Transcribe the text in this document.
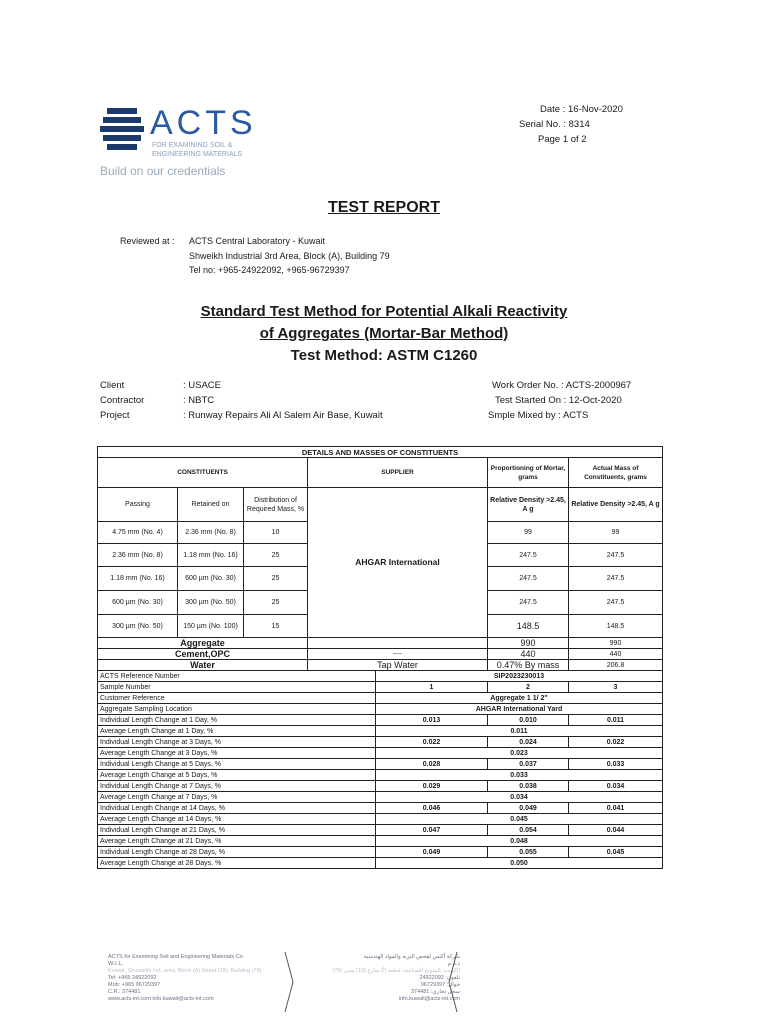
ACTS
FOR EXAMINING SOIL & ENGINEERING MATERIALS
Build on our credentials
Date : 16-Nov-2020
Serial No. : 8314
Page 1 of 2
TEST REPORT
Reviewed at : ACTS Central Laboratory - Kuwait
Shweikh Industrial 3rd Area, Block (A), Building 79
Tel no: +965-24922092, +965-96729397
Standard Test Method for Potential Alkali Reactivity
of Aggregates (Mortar-Bar Method)
Test Method: ASTM C1260
Client	: USACE
Contractor	: NBTC
Project	: Runway Repairs Ali Al Salem Air Base, Kuwait
Work Order No. : ACTS-2000967
Test Started On : 12-Oct-2020
Smple Mixed by : ACTS
DETAILS AND MASSES OF CONSTITUENTS						
CONSTITUENTS			SUPPLIER		Proportioning of Mortar, grams	Actual Mass of Constituents, grams
Passing	Retained on	Distribution of Required Mass, %	AHGAR International		Relative Density >2.45, A g	Relative Density >2.45, A g
4.75 mm (No. 4)	2.36 mm (No. 8)	10			99	99
2.36 mm (No. 8)	1.18 mm (No. 16)	25			247.5	247.5
1.18 mm (No. 16)	600 µm (No. 30)	25			247.5	247.5
600 µm (No. 30)	300 µm (No. 50)	25			247.5	247.5
300 µm (No. 50)	150 µm (No. 100)	15			148.5	148.5
Aggregate					990	990
Cement,OPC			----		440	440
Water			Tap Water		0.47% By mass	206.8
ACTS Reference Number				SIP2023230013		
Sample Number				1	2	3
Customer Reference				Aggregate 1 1/ 2"		
Aggregate Sampling Location				AHGAR International Yard		
Individual Length Change at 1 Day, %				0.013	0.010	0.011
Average Length Change at 1 Day, %				0.011		
Individual Length Change at 3 Days, %				0.022	0.024	0.022
Average Length Change at 3 Days, %				0.023		
Individual Length Change at 5 Days, %				0.028	0.037	0.033
Average Length Change at 5 Days, %				0.033		
Individual Length Change at 7 Days, %				0.029	0.038	0.034
Average Length Change at 7 Days, %				0.034		
Individual Length Change at 14 Days, %				0.046	0.049	0.041
Average Length Change at 14 Days, %				0.045		
Individual Length Change at 21 Days, %				0.047	0.054	0.044
Average Length Change at 21 Days, %				0.048		
Individual Length Change at 28 Days, %				0.049	0.055	0.045
Average Length Change at 28 Days, %				0.050		
ACTS for Examining Soil and Engineering Materials Co.
W.L.L.
Kuwait, Shuwaikh Ind. area, Block (A) Street (19), Building (79)
Tel: +965 24922092
Mob: +965 96729397
C.R.: 374481
www.acts-int.com info.kuwait@acts-int.com
شركة أكتس لفحص التربة والمواد الهندسية
ذ.م.م
الكويت، الشويخ الصناعية، قطعة (أ) شارع (19) مبنى (79)
تلفون: 24922092
جوال: 96729397
سجل تجاري: 374481
info.kuwait@acts-int.com
